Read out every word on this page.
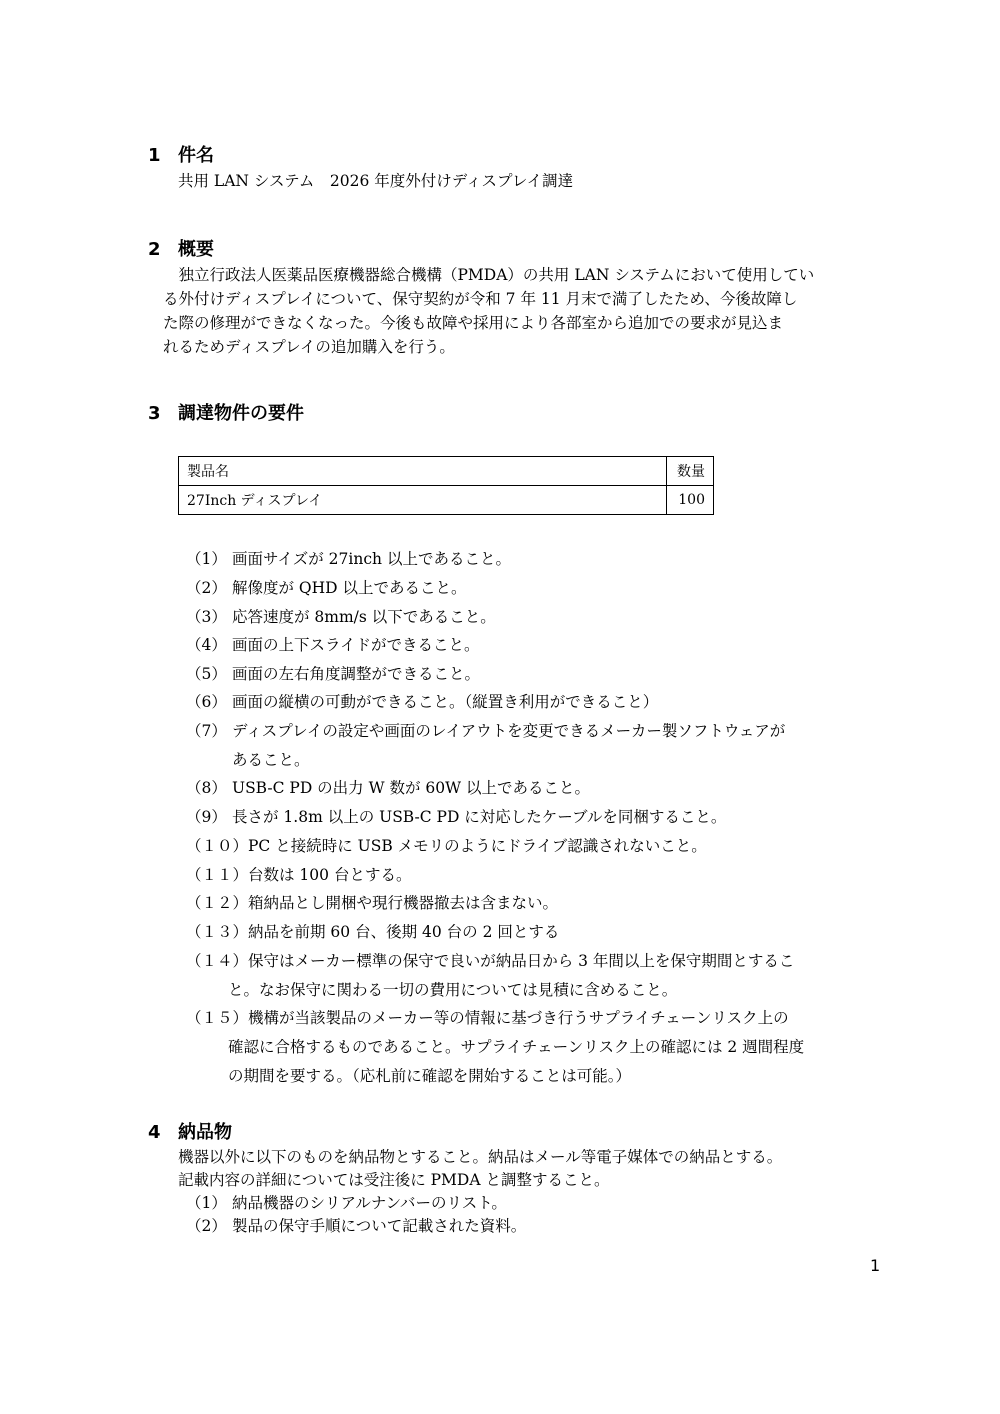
1 件名
共用 LAN システム　2026 年度外付けディスプレイ調達
2 概要
　独立行政法人医薬品医療機器総合機構（PMDA）の共用 LAN システムにおいて使用してい
る外付けディスプレイについて、保守契約が令和 7 年 11 月末で満了したため、今後故障し
た際の修理ができなくなった。今後も故障や採用により各部室から追加での要求が見込ま
れるためディスプレイの追加購入を行う。
3 調達物件の要件
製品名	数量
27Inch ディスプレイ	100
（1） 画面サイズが 27inch 以上であること。
（2） 解像度が QHD 以上であること。
（3） 応答速度が 8mm/s 以下であること。
（4） 画面の上下スライドができること。
（5） 画面の左右角度調整ができること。
（6） 画面の縦横の可動ができること。（縦置き利用ができること）
（7） ディスプレイの設定や画面のレイアウトを変更できるメーカー製ソフトウェアが
あること。
（8） USB-C PD の出力 W 数が 60W 以上であること。
（9） 長さが 1.8m 以上の USB-C PD に対応したケーブルを同梱すること。
（１０）PC と接続時に USB メモリのようにドライブ認識されないこと。
（１１）台数は 100 台とする。
（１２）箱納品とし開梱や現行機器撤去は含まない。
（１３）納品を前期 60 台、後期 40 台の 2 回とする
（１４）保守はメーカー標準の保守で良いが納品日から 3 年間以上を保守期間とするこ
と。なお保守に関わる一切の費用については見積に含めること。
（１５）機構が当該製品のメーカー等の情報に基づき行うサプライチェーンリスク上の
確認に合格するものであること。サプライチェーンリスク上の確認には 2 週間程度
の期間を要する。（応札前に確認を開始することは可能。）
4 納品物
機器以外に以下のものを納品物とすること。納品はメール等電子媒体での納品とする。
記載内容の詳細については受注後に PMDA と調整すること。
（1） 納品機器のシリアルナンバーのリスト。
（2） 製品の保守手順について記載された資料。
1
